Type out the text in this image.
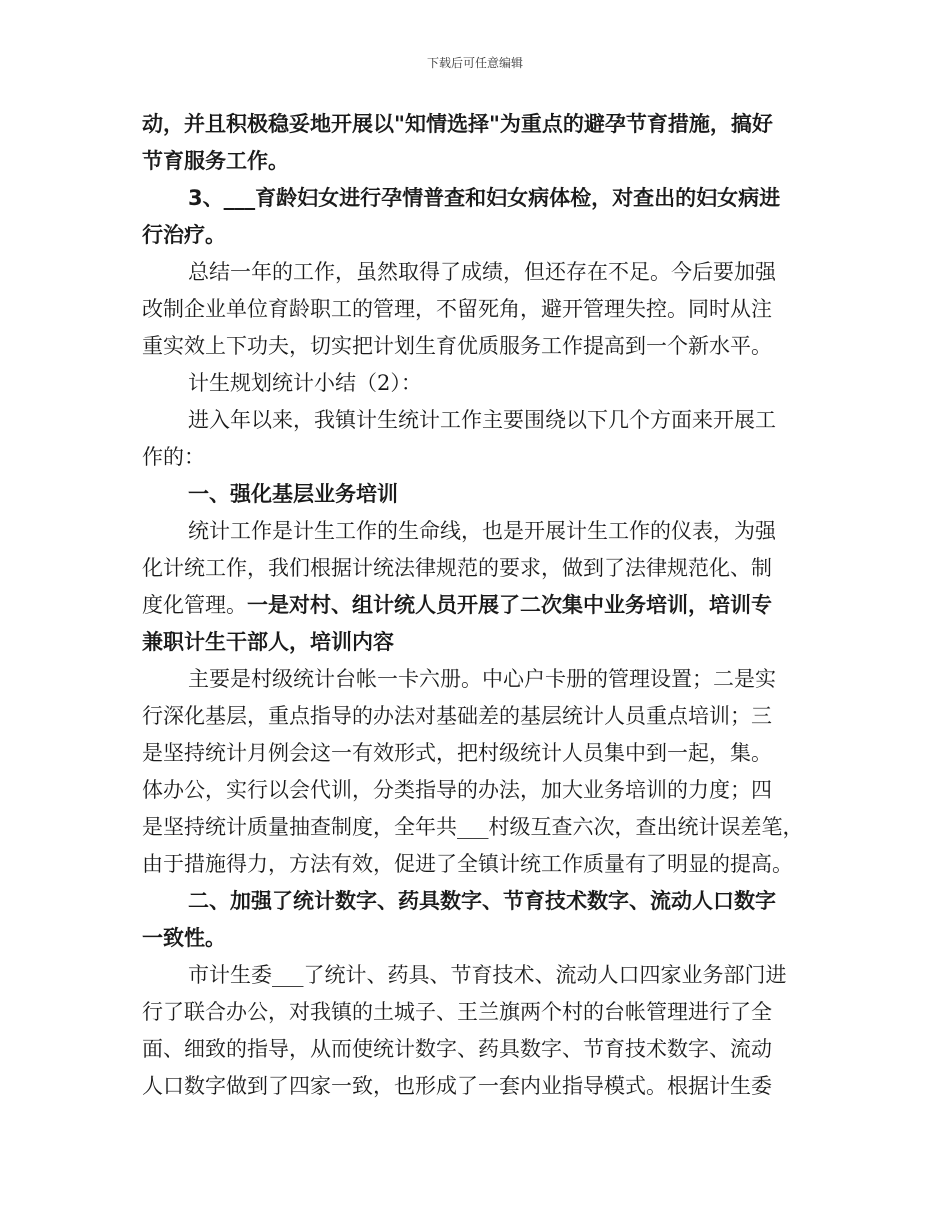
下载后可任意编辑
动，并且积极稳妥地开展以"知情选择"为重点的避孕节育措施，搞好
节育服务工作。
3、___育龄妇女进行孕情普查和妇女病体检，对查出的妇女病进
行治疗。
总结一年的工作，虽然取得了成绩，但还存在不足。今后要加强
改制企业单位育龄职工的管理，不留死角，避开管理失控。同时从注
重实效上下功夫，切实把计划生育优质服务工作提高到一个新水平。
计生规划统计小结（2）：
进入年以来，我镇计生统计工作主要围绕以下几个方面来开展工
作的：
一、强化基层业务培训
统计工作是计生工作的生命线，也是开展计生工作的仪表，为强
化计统工作，我们根据计统法律规范的要求，做到了法律规范化、制
度化管理。一是对村、组计统人员开展了二次集中业务培训，培训专
兼职计生干部人，培训内容
主要是村级统计台帐一卡六册。中心户卡册的管理设置；二是实
行深化基层，重点指导的办法对基础差的基层统计人员重点培训；三
是坚持统计月例会这一有效形式，把村级统计人员集中到一起，集。
体办公，实行以会代训，分类指导的办法，加大业务培训的力度；四
是坚持统计质量抽查制度，全年共___村级互查六次，查出统计误差笔，
由于措施得力，方法有效，促进了全镇计统工作质量有了明显的提高。
二、加强了统计数字、药具数字、节育技术数字、流动人口数字
一致性。
市计生委___了统计、药具、节育技术、流动人口四家业务部门进
行了联合办公，对我镇的土城子、王兰旗两个村的台帐管理进行了全
面、细致的指导，从而使统计数字、药具数字、节育技术数字、流动
人口数字做到了四家一致，也形成了一套内业指导模式。根据计生委
